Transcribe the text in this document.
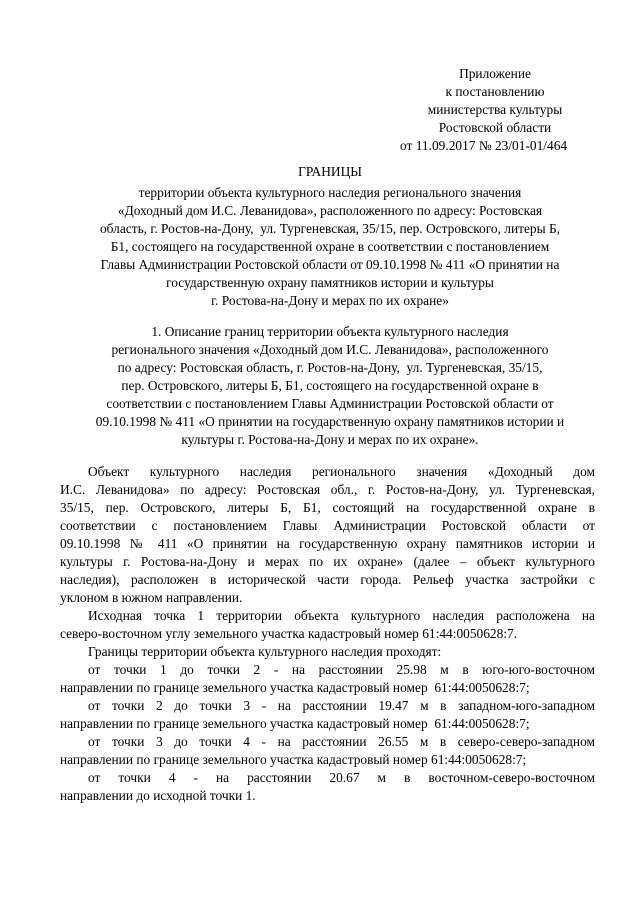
Приложение
к постановлению
министерства культуры
Ростовской области
от 11.09.2017 № 23/01-01/464
ГРАНИЦЫ
территории объекта культурного наследия регионального значения
«Доходный дом И.С. Леванидова», расположенного по адресу: Ростовская
область, г. Ростов-на-Дону,  ул. Тургеневская, 35/15, пер. Островского, литеры Б,
Б1, состоящего на государственной охране в соответствии с постановлением
Главы Администрации Ростовской области от 09.10.1998 № 411 «О принятии на
государственную охрану памятников истории и культуры
г. Ростова-на-Дону и мерах по их охране»
1. Описание границ территории объекта культурного наследия
регионального значения «Доходный дом И.С. Леванидова», расположенного
по адресу: Ростовская область, г. Ростов-на-Дону,  ул. Тургеневская, 35/15,
пер. Островского, литеры Б, Б1, состоящего на государственной охране в
соответствии с постановлением Главы Администрации Ростовской области от
09.10.1998 № 411 «О принятии на государственную охрану памятников истории и
культуры г. Ростова-на-Дону и мерах по их охране».
Объект культурного наследия регионального значения «Доходный дом
И.С. Леванидова» по адресу: Ростовская обл., г. Ростов-на-Дону, ул. Тургеневская,
35/15, пер. Островского, литеры Б, Б1, состоящий на государственной охране в
соответствии с постановлением Главы Администрации Ростовской области от
09.10.1998 № 411 «О принятии на государственную охрану памятников истории и
культуры г. Ростова-на-Дону и мерах по их охране» (далее – объект культурного
наследия), расположен в исторической части города. Рельеф участка застройки с
уклоном в южном направлении.
Исходная точка 1 территории объекта культурного наследия расположена на
северо-восточном углу земельного участка кадастровый номер 61:44:0050628:7.
Границы территории объекта культурного наследия проходят:
от точки 1 до точки 2 - на расстоянии 25.98 м в юго-юго-восточном
направлении по границе земельного участка кадастровый номер  61:44:0050628:7;
от точки 2 до точки 3 - на расстоянии 19.47 м в западном-юго-западном
направлении по границе земельного участка кадастровый номер  61:44:0050628:7;
от точки 3 до точки 4 - на расстоянии 26.55 м в северо-северо-западном
направлении по границе земельного участка кадастровый номер 61:44:0050628:7;
от точки 4 - на расстоянии 20.67 м в восточном-северо-восточном
направлении до исходной точки 1.
